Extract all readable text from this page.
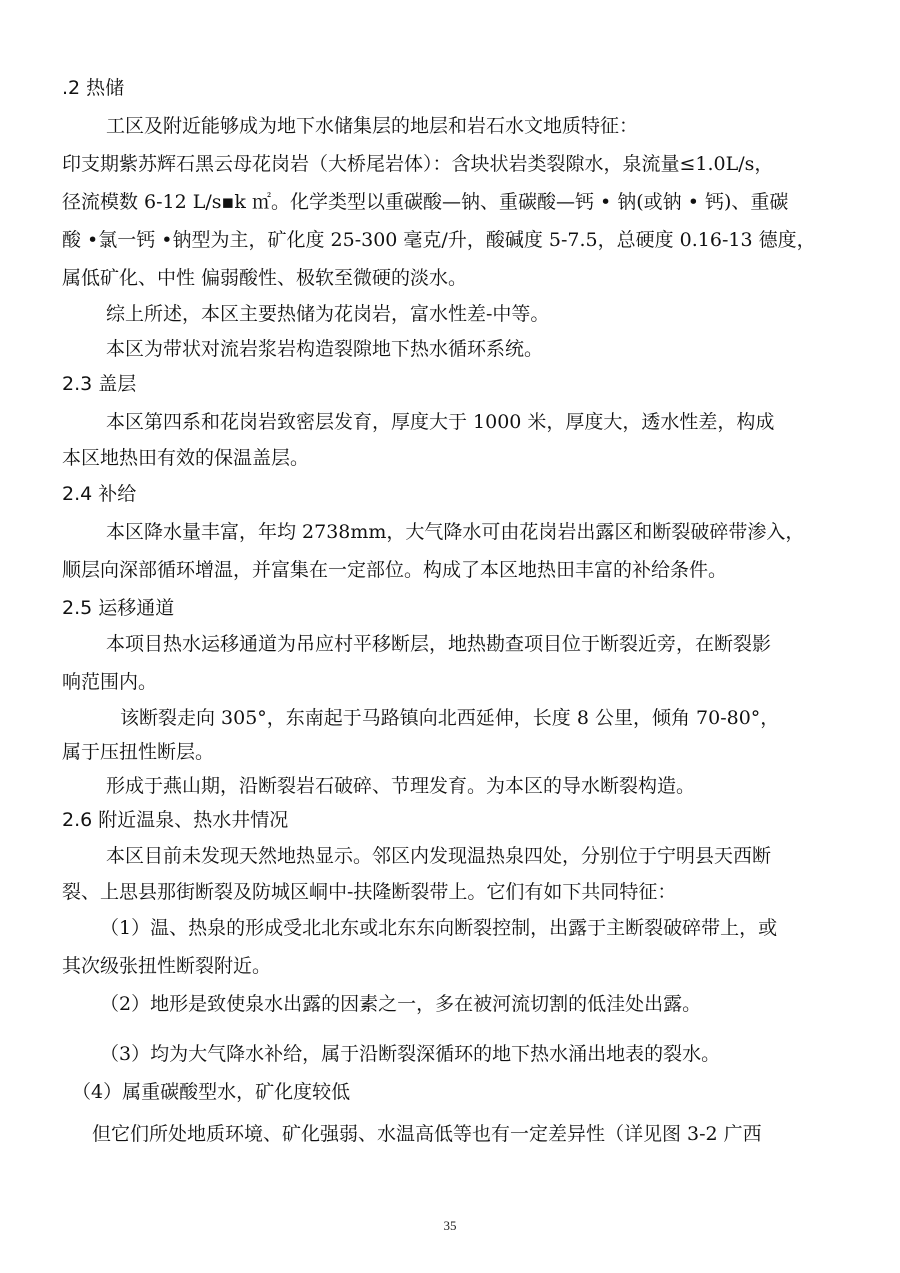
.2 热储
工区及附近能够成为地下水储集层的地层和岩石水文地质特征：
印支期紫苏辉石黑云母花岗岩（大桥尾岩体）：含块状岩类裂隙水，泉流量≤1.0L/s，
径流模数 6-12 L/s▪k ㎡。化学类型以重碳酸—钠、重碳酸—钙 • 钠(或钠 • 钙)、重碳
酸 •氯一钙 •钠型为主，矿化度 25-300 毫克/升，酸碱度 5-7.5，总硬度 0.16-13 德度，
属低矿化、中性 偏弱酸性、极软至微硬的淡水。
综上所述，本区主要热储为花岗岩，富水性差-中等。
本区为带状对流岩浆岩构造裂隙地下热水循环系统。
2.3 盖层
本区第四系和花岗岩致密层发育，厚度大于 1000 米，厚度大，透水性差，构成
本区地热田有效的保温盖层。
2.4 补给
本区降水量丰富，年均 2738mm，大气降水可由花岗岩出露区和断裂破碎带渗入，
顺层向深部循环增温，并富集在一定部位。构成了本区地热田丰富的补给条件。
2.5 运移通道
本项目热水运移通道为吊应村平移断层，地热勘查项目位于断裂近旁，在断裂影
响范围内。
该断裂走向 305°，东南起于马路镇向北西延伸，长度 8 公里，倾角 70-80°，
属于压扭性断层。
形成于燕山期，沿断裂岩石破碎、节理发育。为本区的导水断裂构造。
2.6 附近温泉、热水井情况
本区目前未发现天然地热显示。邻区内发现温热泉四处，分别位于宁明县天西断
裂、上思县那街断裂及防城区峒中-扶隆断裂带上。它们有如下共同特征：
（1）温、热泉的形成受北北东或北东东向断裂控制，出露于主断裂破碎带上，或
其次级张扭性断裂附近。
（2）地形是致使泉水出露的因素之一，多在被河流切割的低洼处出露。
（3）均为大气降水补给，属于沿断裂深循环的地下热水涌出地表的裂水。
（4）属重碳酸型水，矿化度较低
但它们所处地质环境、矿化强弱、水温高低等也有一定差异性（详见图 3-2 广西
35
